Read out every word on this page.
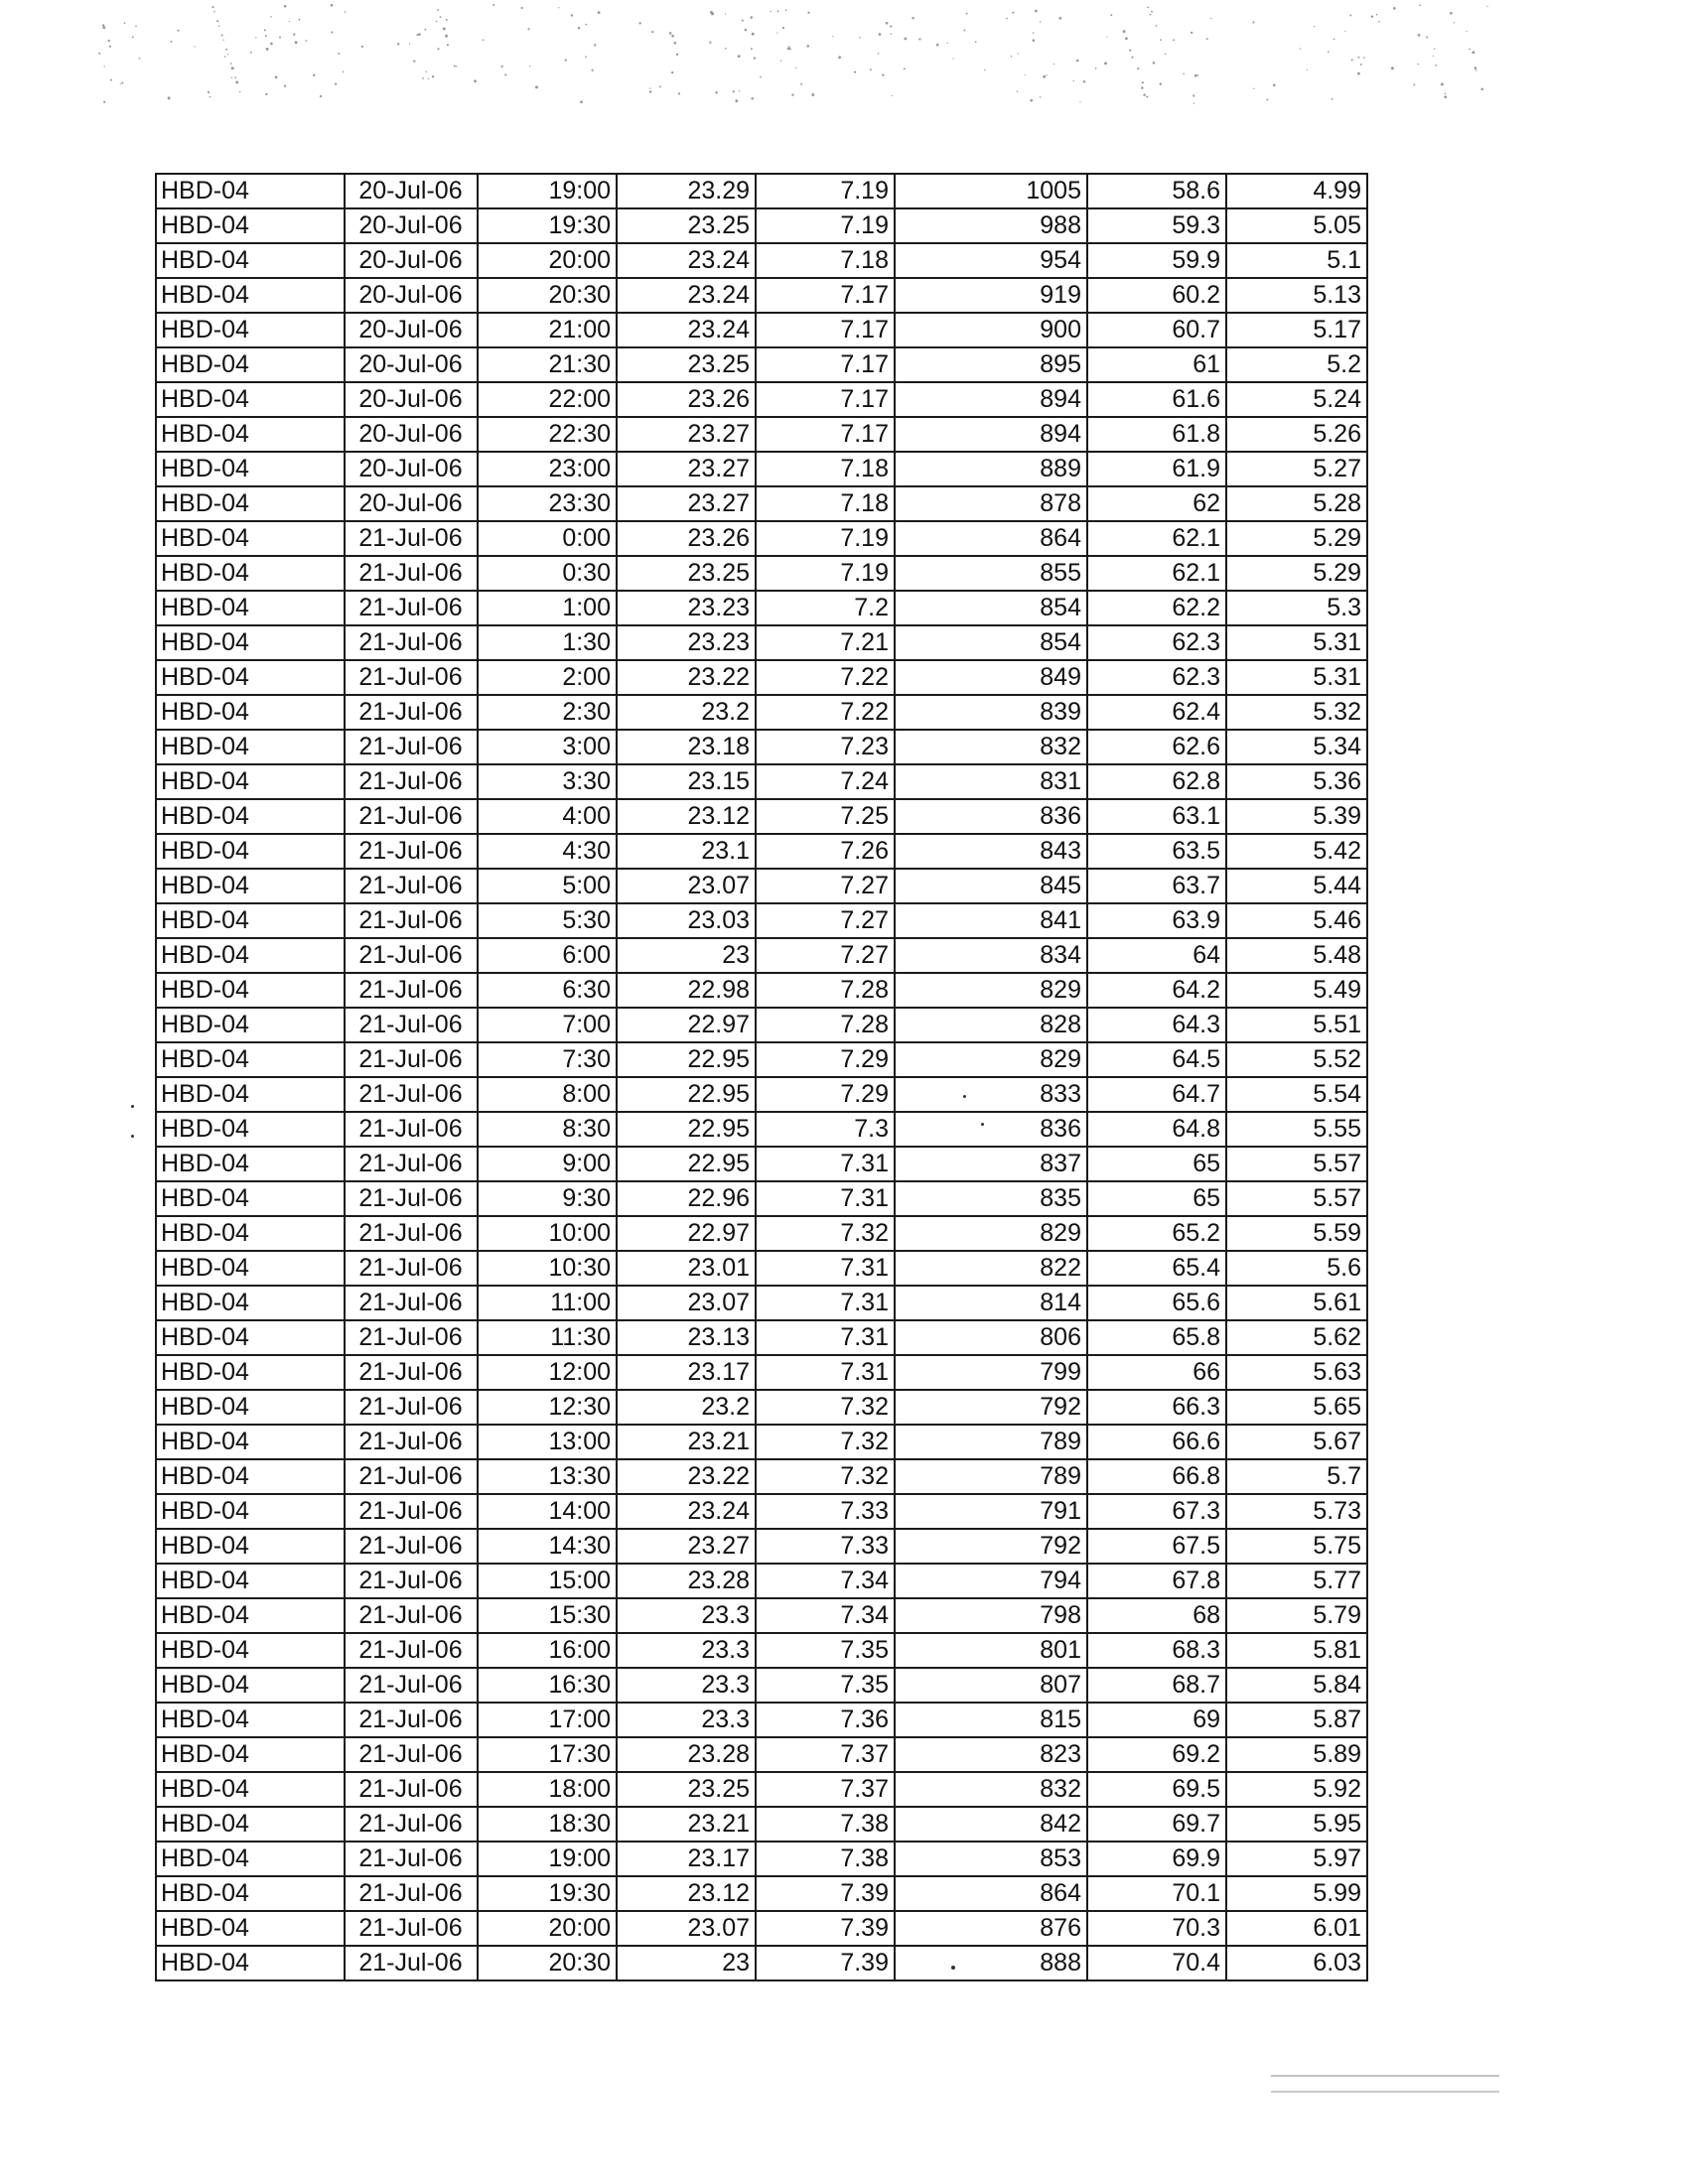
HBD-04	20-Jul-06	19:00	23.29	7.19	1005	58.6	4.99
HBD-04	20-Jul-06	19:30	23.25	7.19	988	59.3	5.05
HBD-04	20-Jul-06	20:00	23.24	7.18	954	59.9	5.1
HBD-04	20-Jul-06	20:30	23.24	7.17	919	60.2	5.13
HBD-04	20-Jul-06	21:00	23.24	7.17	900	60.7	5.17
HBD-04	20-Jul-06	21:30	23.25	7.17	895	61	5.2
HBD-04	20-Jul-06	22:00	23.26	7.17	894	61.6	5.24
HBD-04	20-Jul-06	22:30	23.27	7.17	894	61.8	5.26
HBD-04	20-Jul-06	23:00	23.27	7.18	889	61.9	5.27
HBD-04	20-Jul-06	23:30	23.27	7.18	878	62	5.28
HBD-04	21-Jul-06	0:00	23.26	7.19	864	62.1	5.29
HBD-04	21-Jul-06	0:30	23.25	7.19	855	62.1	5.29
HBD-04	21-Jul-06	1:00	23.23	7.2	854	62.2	5.3
HBD-04	21-Jul-06	1:30	23.23	7.21	854	62.3	5.31
HBD-04	21-Jul-06	2:00	23.22	7.22	849	62.3	5.31
HBD-04	21-Jul-06	2:30	23.2	7.22	839	62.4	5.32
HBD-04	21-Jul-06	3:00	23.18	7.23	832	62.6	5.34
HBD-04	21-Jul-06	3:30	23.15	7.24	831	62.8	5.36
HBD-04	21-Jul-06	4:00	23.12	7.25	836	63.1	5.39
HBD-04	21-Jul-06	4:30	23.1	7.26	843	63.5	5.42
HBD-04	21-Jul-06	5:00	23.07	7.27	845	63.7	5.44
HBD-04	21-Jul-06	5:30	23.03	7.27	841	63.9	5.46
HBD-04	21-Jul-06	6:00	23	7.27	834	64	5.48
HBD-04	21-Jul-06	6:30	22.98	7.28	829	64.2	5.49
HBD-04	21-Jul-06	7:00	22.97	7.28	828	64.3	5.51
HBD-04	21-Jul-06	7:30	22.95	7.29	829	64.5	5.52
HBD-04	21-Jul-06	8:00	22.95	7.29	833	64.7	5.54
HBD-04	21-Jul-06	8:30	22.95	7.3	836	64.8	5.55
HBD-04	21-Jul-06	9:00	22.95	7.31	837	65	5.57
HBD-04	21-Jul-06	9:30	22.96	7.31	835	65	5.57
HBD-04	21-Jul-06	10:00	22.97	7.32	829	65.2	5.59
HBD-04	21-Jul-06	10:30	23.01	7.31	822	65.4	5.6
HBD-04	21-Jul-06	11:00	23.07	7.31	814	65.6	5.61
HBD-04	21-Jul-06	11:30	23.13	7.31	806	65.8	5.62
HBD-04	21-Jul-06	12:00	23.17	7.31	799	66	5.63
HBD-04	21-Jul-06	12:30	23.2	7.32	792	66.3	5.65
HBD-04	21-Jul-06	13:00	23.21	7.32	789	66.6	5.67
HBD-04	21-Jul-06	13:30	23.22	7.32	789	66.8	5.7
HBD-04	21-Jul-06	14:00	23.24	7.33	791	67.3	5.73
HBD-04	21-Jul-06	14:30	23.27	7.33	792	67.5	5.75
HBD-04	21-Jul-06	15:00	23.28	7.34	794	67.8	5.77
HBD-04	21-Jul-06	15:30	23.3	7.34	798	68	5.79
HBD-04	21-Jul-06	16:00	23.3	7.35	801	68.3	5.81
HBD-04	21-Jul-06	16:30	23.3	7.35	807	68.7	5.84
HBD-04	21-Jul-06	17:00	23.3	7.36	815	69	5.87
HBD-04	21-Jul-06	17:30	23.28	7.37	823	69.2	5.89
HBD-04	21-Jul-06	18:00	23.25	7.37	832	69.5	5.92
HBD-04	21-Jul-06	18:30	23.21	7.38	842	69.7	5.95
HBD-04	21-Jul-06	19:00	23.17	7.38	853	69.9	5.97
HBD-04	21-Jul-06	19:30	23.12	7.39	864	70.1	5.99
HBD-04	21-Jul-06	20:00	23.07	7.39	876	70.3	6.01
HBD-04	21-Jul-06	20:30	23	7.39	888	70.4	6.03
